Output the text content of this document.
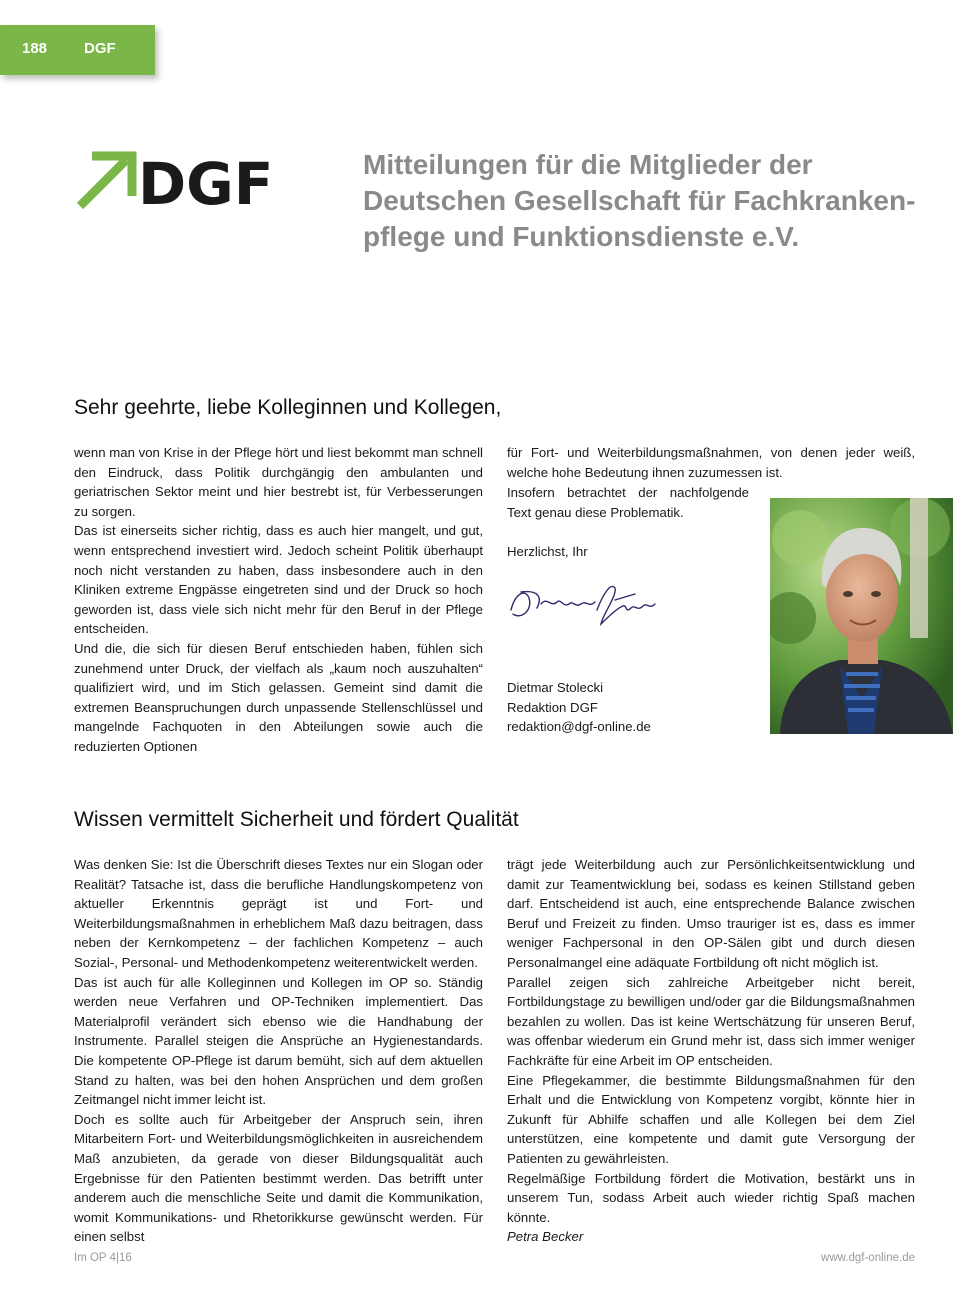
188 DGF
DGF	Mitteilungen für die Mitglieder der
Deutschen Gesellschaft für Fachkranken-
pflege und Funktionsdienste e.V.
Sehr geehrte, liebe Kolleginnen und Kollegen,

wenn man von Krise in der Pflege hört und liest bekommt man schnell den Eindruck, dass Politik durchgängig den ambulanten und geriatrischen Sektor meint und hier bestrebt ist, für Verbesserungen zu sorgen.

Das ist einerseits sicher richtig, dass es auch hier mangelt, und gut, wenn entsprechend investiert wird. Jedoch scheint Politik überhaupt noch nicht verstanden zu haben, dass insbesondere auch in den Kliniken extreme Engpässe eingetreten sind und der Druck so hoch geworden ist, dass viele sich nicht mehr für den Beruf in der Pflege entscheiden.

Und die, die sich für diesen Beruf entschieden haben, fühlen sich zunehmend unter Druck, der vielfach als „kaum noch auszuhalten“ qualifiziert wird, und im Stich gelassen. Gemeint sind damit die extremen Beanspruchungen durch unpassende Stellenschlüssel und mangelnde Fachquoten in den Abteilungen sowie auch die reduzierten Optionen

für Fort- und Weiterbildungsmaßnahmen, von denen jeder weiß, welche hohe Bedeutung ihnen zuzumessen ist.

Insofern betrachtet der nachfolgende Text genau diese Problematik.

Herzlichst, Ihr

Dietmar Stolecki

Redaktion DGF

redaktion@dgf-online.de

Wissen vermittelt Sicherheit und fördert Qualität

Was denken Sie: Ist die Überschrift dieses Textes nur ein Slogan oder Realität? Tatsache ist, dass die berufliche Handlungskompetenz von aktueller Erkenntnis geprägt ist und Fort- und Weiterbildungsmaßnahmen in erheblichem Maß dazu beitragen, dass neben der Kernkompetenz – der fachlichen Kompetenz – auch Sozial-, Personal- und Methodenkompetenz weiterentwickelt werden.

Das ist auch für alle Kolleginnen und Kollegen im OP so. Ständig werden neue Verfahren und OP-Techniken implementiert. Das Materialprofil verändert sich ebenso wie die Handhabung der Instrumente. Parallel steigen die Ansprüche an Hygienestandards. Die kompetente OP-Pflege ist darum bemüht, sich auf dem aktuellen Stand zu halten, was bei den hohen Ansprüchen und dem großen Zeitmangel nicht immer leicht ist.

Doch es sollte auch für Arbeitgeber der Anspruch sein, ihren Mitarbeitern Fort- und Weiterbildungsmöglichkeiten in ausreichendem Maß anzubieten, da gerade von dieser Bildungsqualität auch Ergebnisse für den Patienten bestimmt werden. Das betrifft unter anderem auch die menschliche Seite und damit die Kommunikation, womit Kommunikations- und Rhetorikkurse gewünscht werden. Für einen selbst

trägt jede Weiterbildung auch zur Persönlichkeitsentwicklung und damit zur Teamentwicklung bei, sodass es keinen Stillstand geben darf. Entscheidend ist auch, eine entsprechende Balance zwischen Beruf und Freizeit zu finden. Umso trauriger ist es, dass es immer weniger Fachpersonal in den OP-Sälen gibt und durch diesen Personalmangel eine adäquate Fortbildung oft nicht möglich ist.

Parallel zeigen sich zahlreiche Arbeitgeber nicht bereit, Fortbildungstage zu bewilligen und/oder gar die Bildungsmaßnahmen bezahlen zu wollen. Das ist keine Wertschätzung für unseren Beruf, was offenbar wiederum ein Grund mehr ist, dass sich immer weniger Fachkräfte für eine Arbeit im OP entscheiden.

Eine Pflegekammer, die bestimmte Bildungsmaßnahmen für den Erhalt und die Entwicklung von Kompetenz vorgibt, könnte hier in Zukunft für Abhilfe schaffen und alle Kollegen bei dem Ziel unterstützen, eine kompetente und damit gute Versorgung der Patienten zu gewährleisten.

Regelmäßige Fortbildung fördert die Motivation, bestärkt uns in unserem Tun, sodass Arbeit auch wieder richtig Spaß machen könnte.

Petra Becker

Im OP 4|16	www.dgf-online.de
